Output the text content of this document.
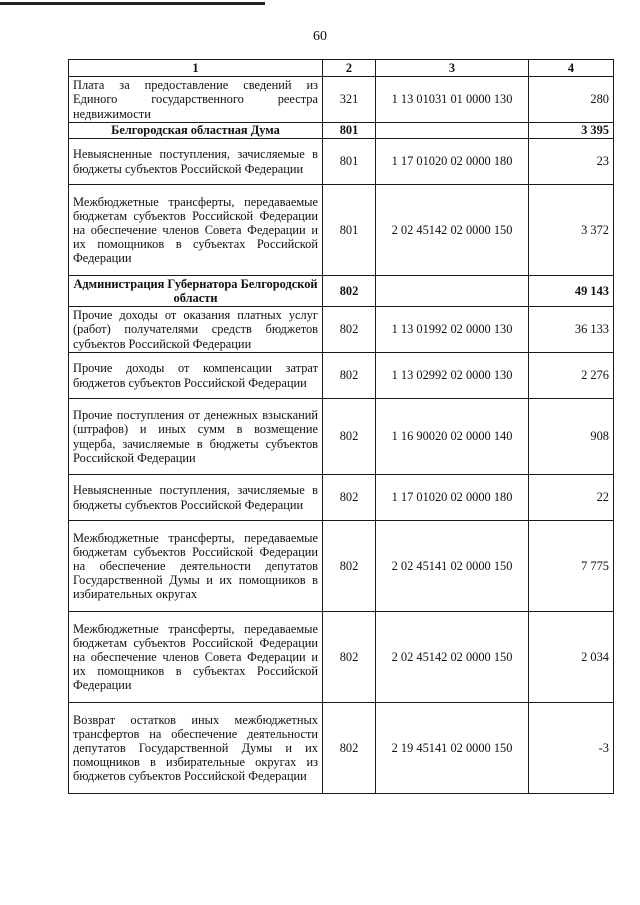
60
1	2	3	4
Плата за предоставление сведений из Единого государственного реестра недвижимости	321	1 13 01031 01 0000 130	280
Белгородская областная Дума	801		3 395
Невыясненные поступления, зачисляемые в бюджеты субъектов Российской Федерации	801	1 17 01020 02 0000 180	23
Межбюджетные трансферты, передаваемые бюджетам субъектов Российской Федерации на обеспечение членов Совета Федерации и их помощников в субъектах Российской Федерации	801	2 02 45142 02 0000 150	3 372
Администрация Губернатора Белгородской области	802		49 143
Прочие доходы от оказания платных услуг (работ) получателями средств бюджетов субъектов Российской Федерации	802	1 13 01992 02 0000 130	36 133
Прочие доходы от компенсации затрат бюджетов субъектов Российской Федерации	802	1 13 02992 02 0000 130	2 276
Прочие поступления от денежных взысканий (штрафов) и иных сумм в возмещение ущерба, зачисляемые в бюджеты субъектов Российской Федерации	802	1 16 90020 02 0000 140	908
Невыясненные поступления, зачисляемые в бюджеты субъектов Российской Федерации	802	1 17 01020 02 0000 180	22
Межбюджетные трансферты, передаваемые бюджетам субъектов Российской Федерации на обеспечение деятельности депутатов Государственной Думы и их помощников в избирательных округах	802	2 02 45141 02 0000 150	7 775
Межбюджетные трансферты, передаваемые бюджетам субъектов Российской Федерации на обеспечение членов Совета Федерации и их помощников в субъектах Российской Федерации	802	2 02 45142 02 0000 150	2 034
Возврат остатков иных межбюджетных трансфертов на обеспечение деятельности депутатов Государственной Думы и их помощников в избирательные округах из бюджетов субъектов Российской Федерации	802	2 19 45141 02 0000 150	-3
